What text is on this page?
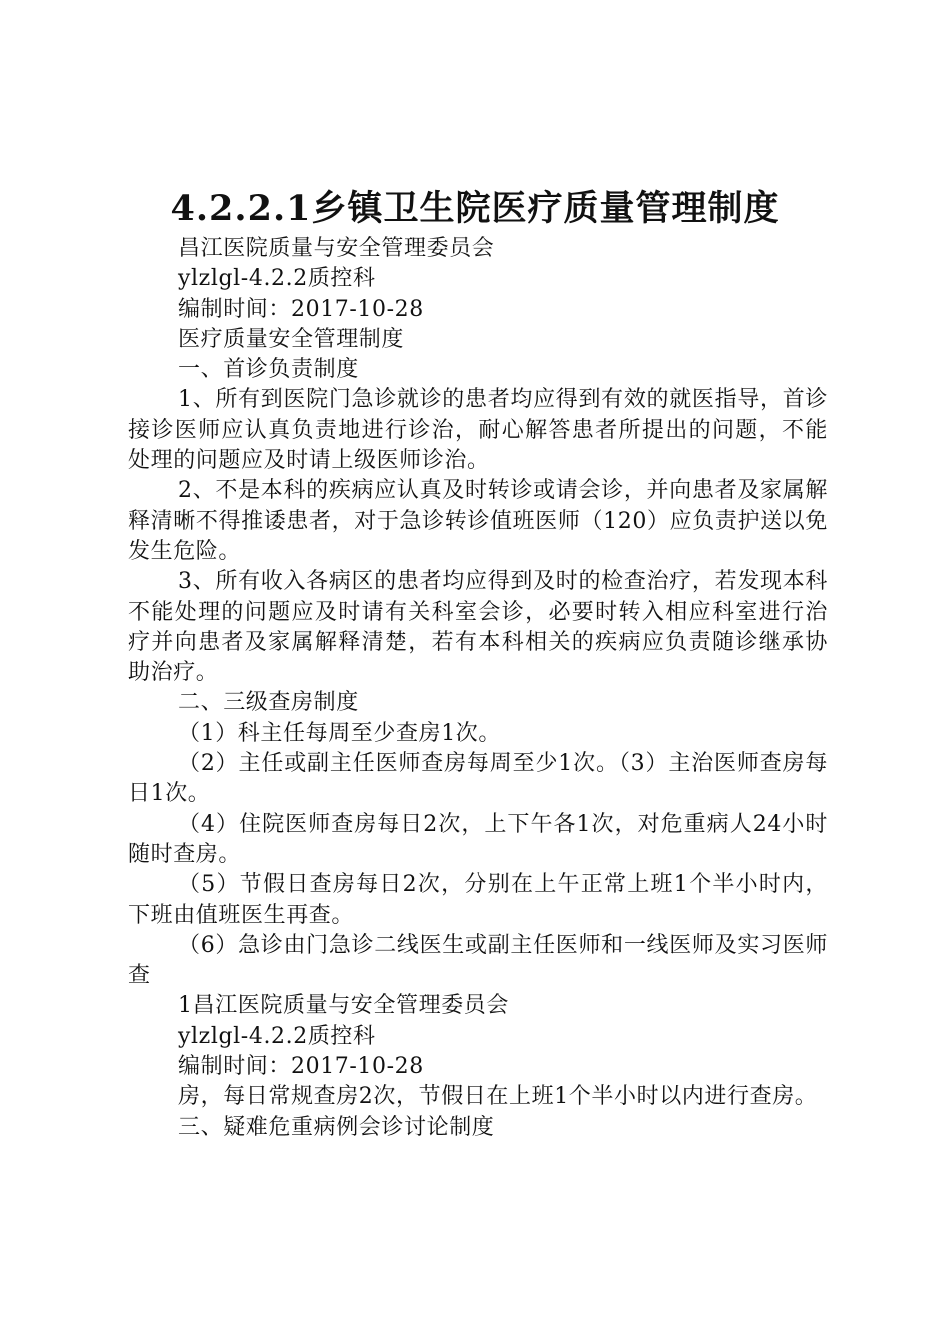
4.2.2.1乡镇卫生院医疗质量管理制度
昌江医院质量与安全管理委员会
ylzlgl-4.2.2质控科
编制时间：2017-10-28
医疗质量安全管理制度
一、首诊负责制度
1、所有到医院门急诊就诊的患者均应得到有效的就医指导，首诊接诊医师应认真负责地进行诊治，耐心解答患者所提出的问题，不能处理的问题应及时请上级医师诊治。
2、不是本科的疾病应认真及时转诊或请会诊，并向患者及家属解释清晰不得推诿患者，对于急诊转诊值班医师（120）应负责护送以免发生危险。
3、所有收入各病区的患者均应得到及时的检查治疗，若发现本科不能处理的问题应及时请有关科室会诊，必要时转入相应科室进行治疗并向患者及家属解释清楚，若有本科相关的疾病应负责随诊继承协助治疗。
二、三级查房制度
（1）科主任每周至少查房1次。
（2）主任或副主任医师查房每周至少1次。（3）主治医师查房每日1次。
（4）住院医师查房每日2次，上下午各1次，对危重病人24小时随时查房。
（5）节假日查房每日2次，分别在上午正常上班1个半小时内，下班由值班医生再查。
（6）急诊由门急诊二线医生或副主任医师和一线医师及实习医师查
1昌江医院质量与安全管理委员会
ylzlgl-4.2.2质控科
编制时间：2017-10-28
房，每日常规查房2次，节假日在上班1个半小时以内进行查房。
三、疑难危重病例会诊讨论制度
